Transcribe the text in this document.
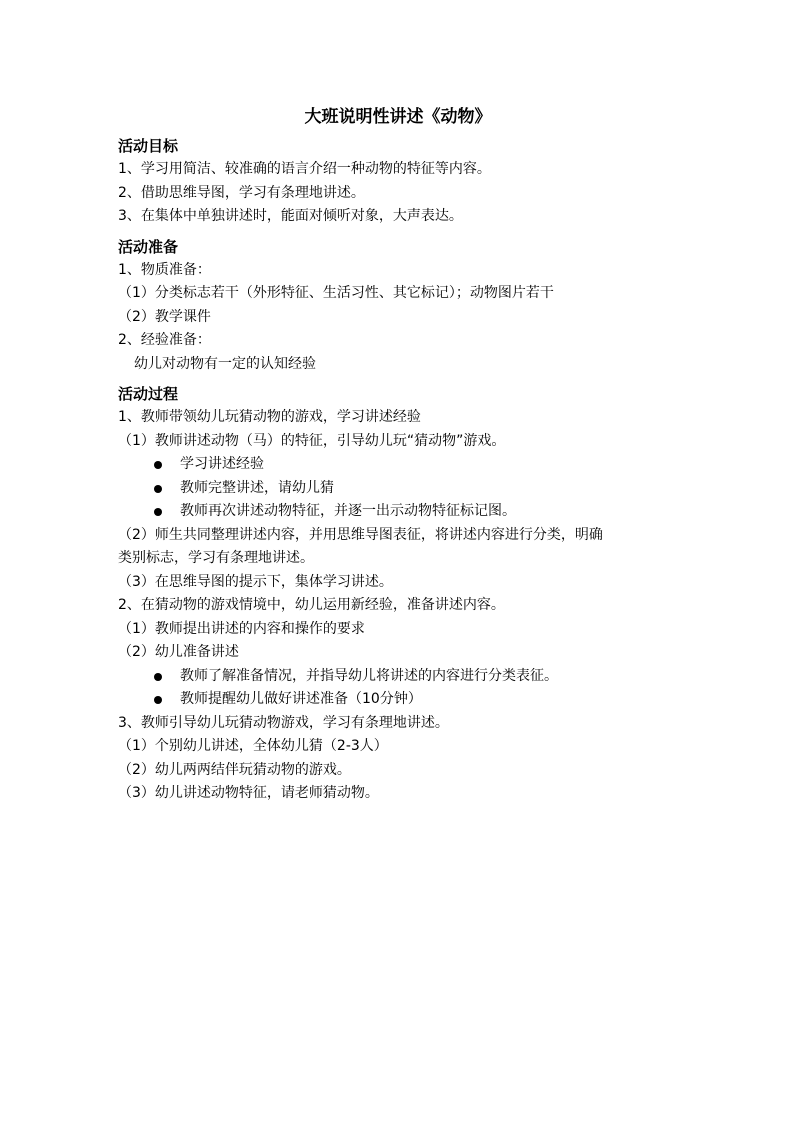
大班说明性讲述《动物》
活动目标
1、学习用简洁、较准确的语言介绍一种动物的特征等内容。
2、借助思维导图，学习有条理地讲述。
3、在集体中单独讲述时，能面对倾听对象，大声表达。
活动准备
1、物质准备：
（1）分类标志若干（外形特征、生活习性、其它标记）；动物图片若干
（2）教学课件
2、经验准备：
幼儿对动物有一定的认知经验
活动过程
1、教师带领幼儿玩猜动物的游戏，学习讲述经验
（1）教师讲述动物（马）的特征，引导幼儿玩“猜动物”游戏。
学习讲述经验
教师完整讲述，请幼儿猜
教师再次讲述动物特征，并逐一出示动物特征标记图。
（2）师生共同整理讲述内容，并用思维导图表征，将讲述内容进行分类，明确
类别标志，学习有条理地讲述。
（3）在思维导图的提示下，集体学习讲述。
2、在猜动物的游戏情境中，幼儿运用新经验，准备讲述内容。
（1）教师提出讲述的内容和操作的要求
（2）幼儿准备讲述
教师了解准备情况，并指导幼儿将讲述的内容进行分类表征。
教师提醒幼儿做好讲述准备（10分钟）
3、教师引导幼儿玩猜动物游戏，学习有条理地讲述。
（1）个别幼儿讲述，全体幼儿猜（2-3人）
（2）幼儿两两结伴玩猜动物的游戏。
（3）幼儿讲述动物特征，请老师猜动物。
